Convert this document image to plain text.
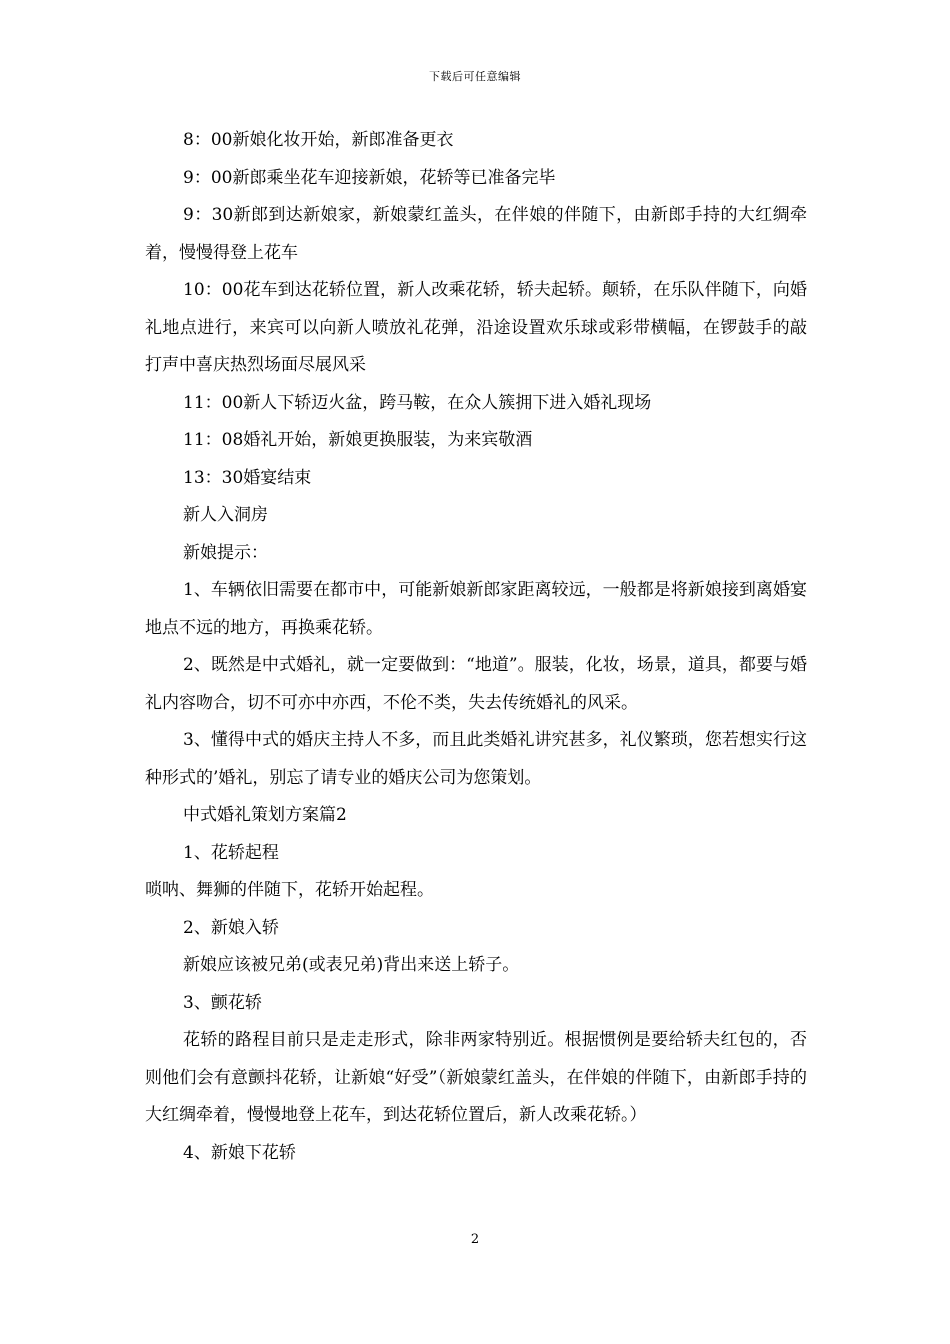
下载后可任意编辑

8：00新娘化妆开始，新郎准备更衣

9：00新郎乘坐花车迎接新娘，花轿等已准备完毕

9：30新郎到达新娘家，新娘蒙红盖头，在伴娘的伴随下，由新郎手持的大红绸牵着，慢慢得登上花车

10：00花车到达花轿位置，新人改乘花轿，轿夫起轿。颠轿，在乐队伴随下，向婚礼地点进行，来宾可以向新人喷放礼花弹，沿途设置欢乐球或彩带横幅，在锣鼓手的敲打声中喜庆热烈场面尽展风采

11：00新人下轿迈火盆，跨马鞍，在众人簇拥下进入婚礼现场

11：08婚礼开始，新娘更换服装，为来宾敬酒

13：30婚宴结束

新人入洞房

新娘提示：

1、车辆依旧需要在都市中，可能新娘新郎家距离较远，一般都是将新娘接到离婚宴地点不远的地方，再换乘花轿。

2、既然是中式婚礼，就一定要做到：“地道”。服装，化妆，场景，道具，都要与婚礼内容吻合，切不可亦中亦西，不伦不类，失去传统婚礼的风采。

3、懂得中式的婚庆主持人不多，而且此类婚礼讲究甚多，礼仪繁琐，您若想实行这种形式的’婚礼，别忘了请专业的婚庆公司为您策划。

中式婚礼策划方案篇2

1、花轿起程

唢呐、舞狮的伴随下，花轿开始起程。

2、新娘入轿

新娘应该被兄弟(或表兄弟)背出来送上轿子。

3、颤花轿

花轿的路程目前只是走走形式，除非两家特别近。根据惯例是要给轿夫红包的，否则他们会有意颤抖花轿，让新娘“好受”（新娘蒙红盖头，在伴娘的伴随下，由新郎手持的大红绸牵着，慢慢地登上花车，到达花轿位置后，新人改乘花轿。）

4、新娘下花轿

2
